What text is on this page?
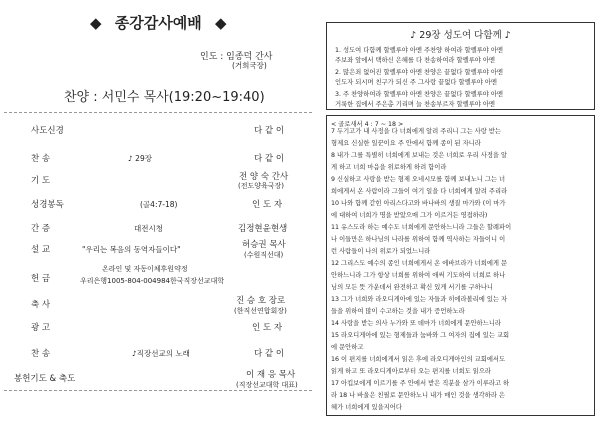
◆ 종강감사예배 ◆
인도 : 임종덕 간사
(거희국장)
찬양 : 서민수 목사(19:20~19:40)
사도신경	다 같 이
찬 송	♪ 29장	다 같 이
기 도	전 양 숙 간사
(전도양육국장)
성경봉독	(골4:7-18)	인 도 자
간 증	대전시청	김정현윤현생
설 교	"우리는 복음의 동역자들이다"	허승권 목사
(수원직선대)
헌 금
온라인 및 자동이체후원약정
우리은행1005-804-004984한국직장선교대학
축 사	진 승 호 장로
(한직선연합회장)
광 고	인 도 자
찬 송	♪직장선교의 노래	다 같 이
봉헌기도 & 축도	이 재 응 목사
(직장선교대학 대표)
♪ 29장 성도여 다함께 ♪
1. 성도여 다함께 할렐루야 아멘 주찬양 하여라 할렐루야 아멘
주보좌 앞에서 택하신 은혜를 다 찬송하여라 할렐루야 아멘
2. 많은죄 없어진 할렐루야 아멘 찬양은 끝없다 할렐루야 아멘
인도자 되시며 친구가 되신 주 그사랑 끝없다 할렐루야 아멘
3. 주 찬양하여라 할렐루야 아멘 찬양은 끝없다 할렐루야 아멘
거룩한 집에서 주은총 기리며 늘 찬송부르자 할렐루야 아멘
< 골로새서 4 : 7 ~ 18 >
7 두기고가 내 사정을 다 너희에게 알려 주리니 그는 사랑 받는
형제요 신실한 일꾼이요 주 안에서 함께 종이 된 자니라
8 내가 그를 특별히 너희에게 보내는 것은 너희로 우리 사정을 알
게 하고 너희 마음을 위로하게 하려 함이라
9 신실하고 사랑을 받는 형제 오네시모를 함께 보내노니 그는 너
희에게서 온 사람이라 그들이 여기 일을 다 너희에게 알려 주리라
10 나와 함께 갇힌 아리스다고와 바나바의 생질 마가와 (이 마가
에 대하여 너희가 명을 받았으매 그가 이르거든 영접하라)
11 유스도라 하는 예수도 너희에게 문안하느니라 그들은 할례파이
나 이들만은 하나님의 나라를 위하여 함께 역사하는 자들이니 이
런 사람들이 나의 위로가 되었느니라
12 그리스도 예수의 종인 너희에게서 온 에바브라가 너희에게 문
안하느니라 그가 항상 너희를 위하여 애써 기도하여 너희로 하나
님의 모든 뜻 가운데서 완전하고 확신 있게 서기를 구하나니
13 그가 너희와 라오디게아에 있는 자들과 히에라볼리에 있는 자
들을 위하여 많이 수고하는 것을 내가 증언하노라
14 사랑을 받는 의사 누가와 또 데마가 너희에게 문안하느니라
15 라오디게아에 있는 형제들과 눔바와 그 여자의 집에 있는 교회
에 문안하고
16 이 편지를 너희에게서 읽은 후에 라오디게아인의 교회에서도
읽게 하고 또 라오디게아로부터 오는 편지를 너희도 읽으라
17 아킵보에게 이르기를 주 안에서 받은 직분을 삼가 이루라고 하
라 18 나 바울은 친필로 문안하노니 내가 매인 것을 생각하라 은
혜가 너희에게 있을지어다
